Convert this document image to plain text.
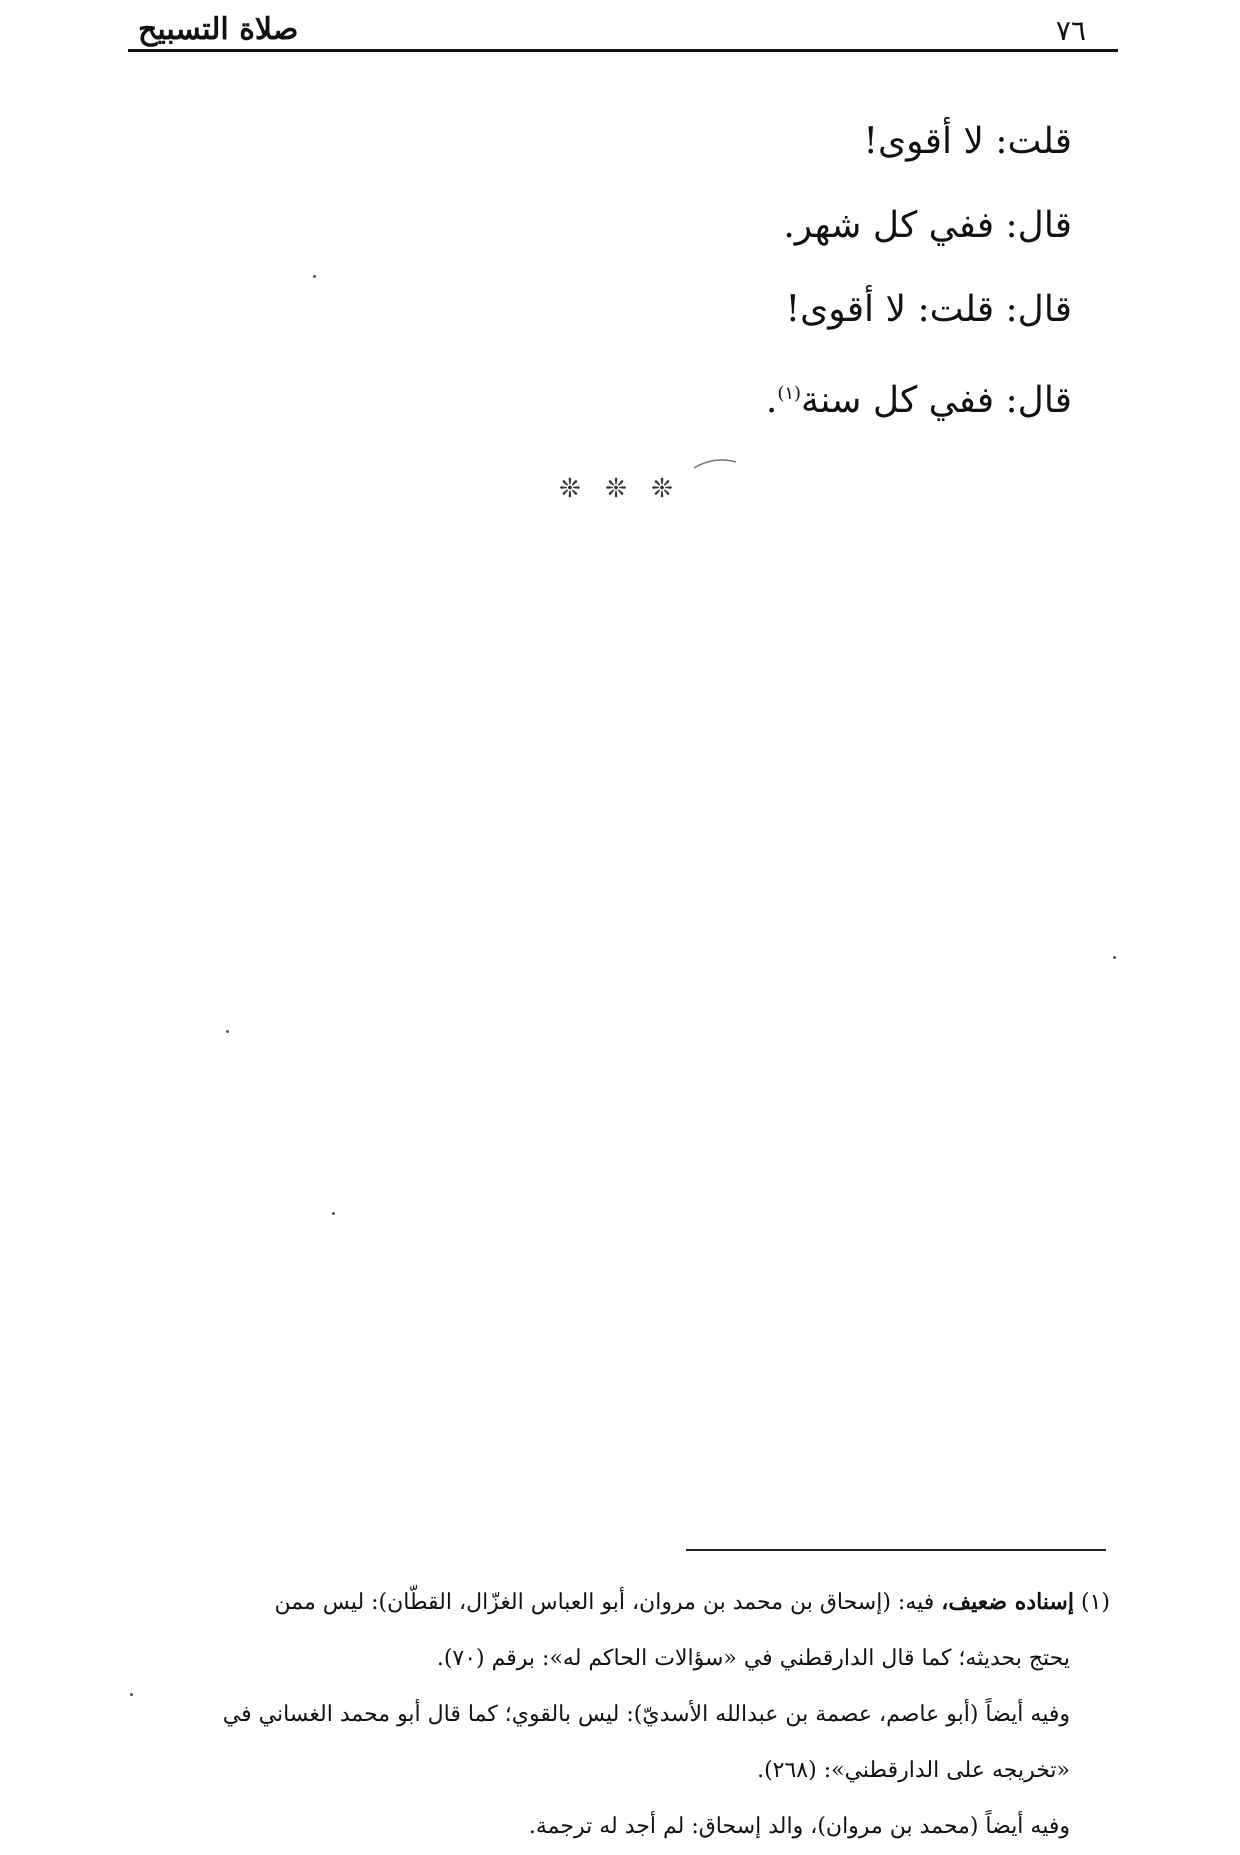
صلاة التسبيح	٧٦
قلت: لا أقوى!
قال: ففي كل شهر.
قال: قلت: لا أقوى!
قال: ففي كل سنة$^{(١)}$.
❊ ❊ ❊
(١) إسناده ضعيف، فيه: (إسحاق بن محمد بن مروان، أبو العباس الغزّال، القطّان): ليس ممن
يحتج بحديثه؛ كما قال الدارقطني في «سؤالات الحاكم له»: برقم (٧٠).
وفيه أيضاً (أبو عاصم، عصمة بن عبدالله الأسديّ): ليس بالقوي؛ كما قال أبو محمد الغساني في
«تخريجه على الدارقطني»: (٢٦٨).
وفيه أيضاً (محمد بن مروان)، والد إسحاق: لم أجد له ترجمة.
